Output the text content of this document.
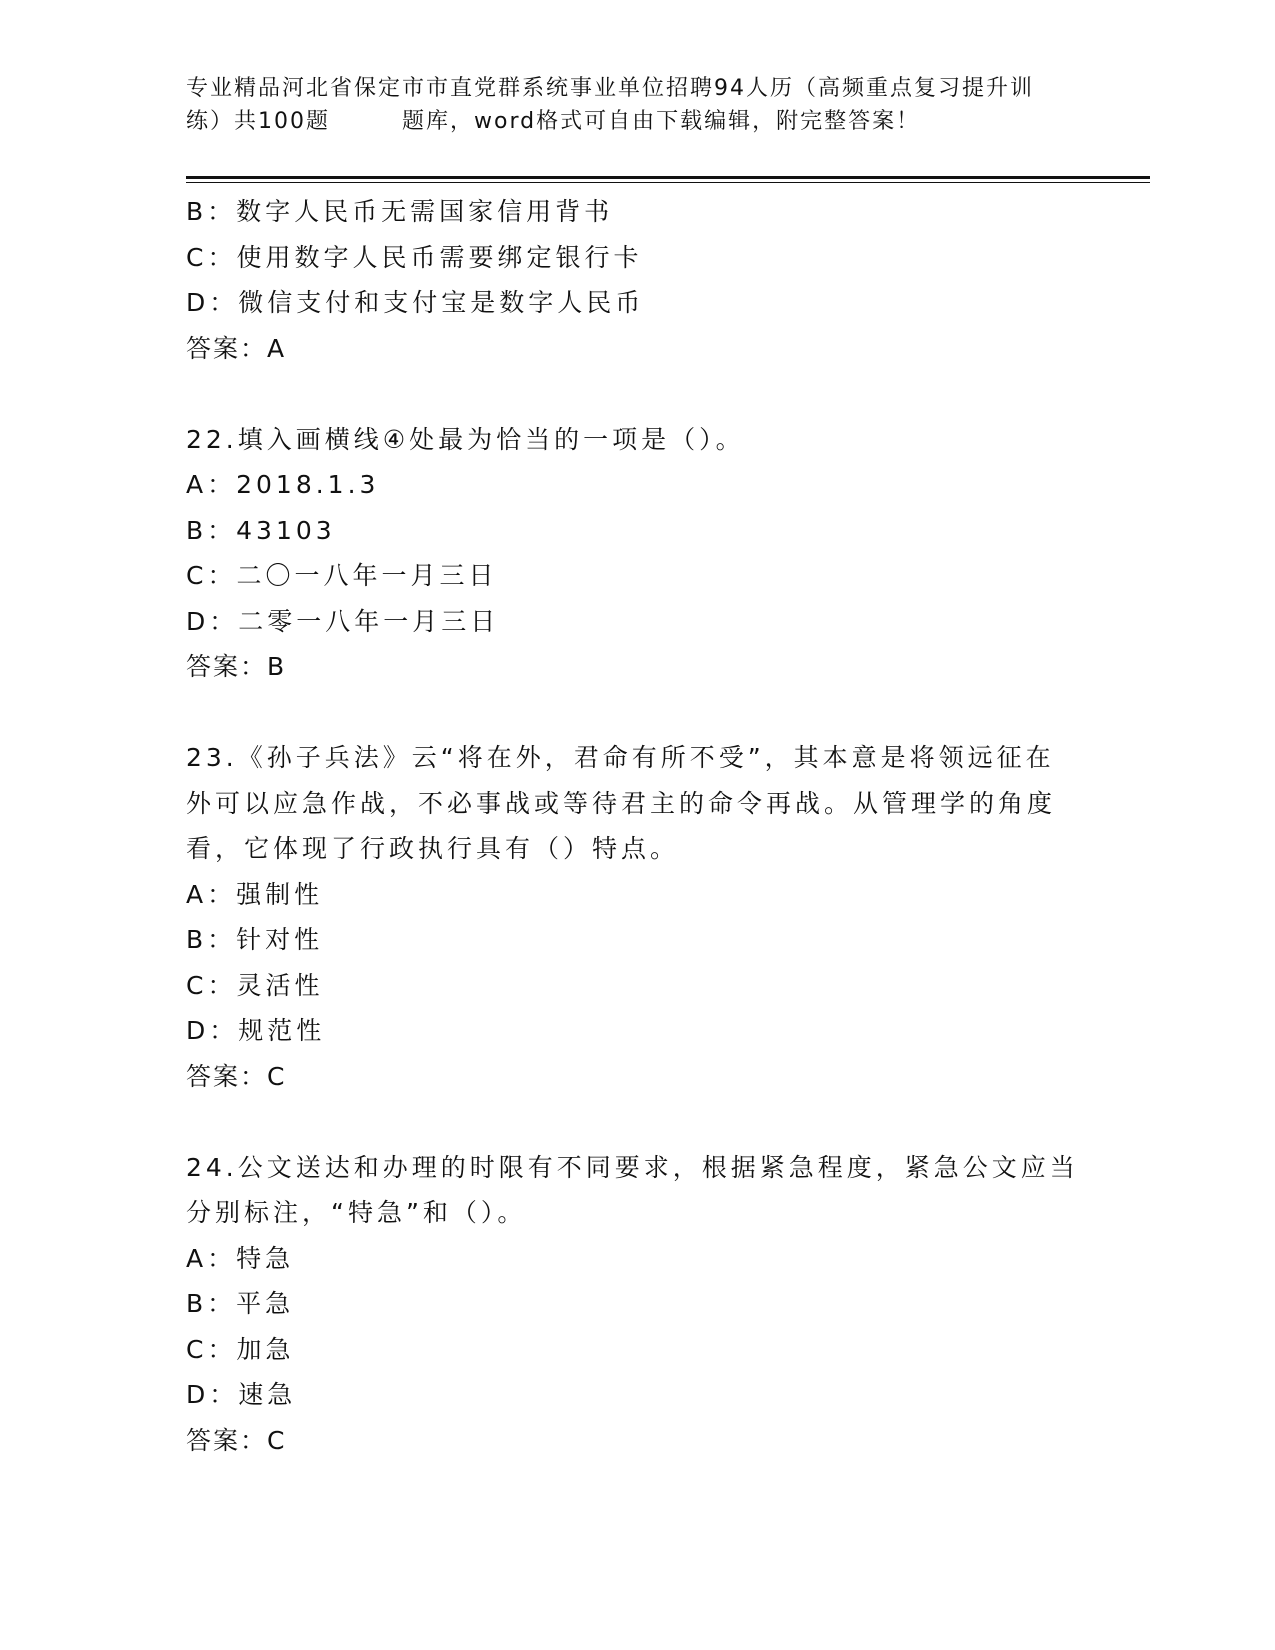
专业精品河北省保定市市直党群系统事业单位招聘94人历（高频重点复习提升训
练）共100题	题库，word格式可自由下载编辑，附完整答案！
B：数字人民币无需国家信用背书
C：使用数字人民币需要绑定银行卡
D：微信支付和支付宝是数字人民币
答案：A
22.填入画横线④处最为恰当的一项是（）。
A：2018.1.3
B：43103
C：二〇一八年一月三日
D：二零一八年一月三日
答案：B
23.《孙子兵法》云“将在外，君命有所不受”，其本意是将领远征在
外可以应急作战，不必事战或等待君主的命令再战。从管理学的角度
看，它体现了行政执行具有（）特点。
A：强制性
B：针对性
C：灵活性
D：规范性
答案：C
24.公文送达和办理的时限有不同要求，根据紧急程度，紧急公文应当
分别标注，“特急”和（）。
A：特急
B：平急
C：加急
D：速急
答案：C
